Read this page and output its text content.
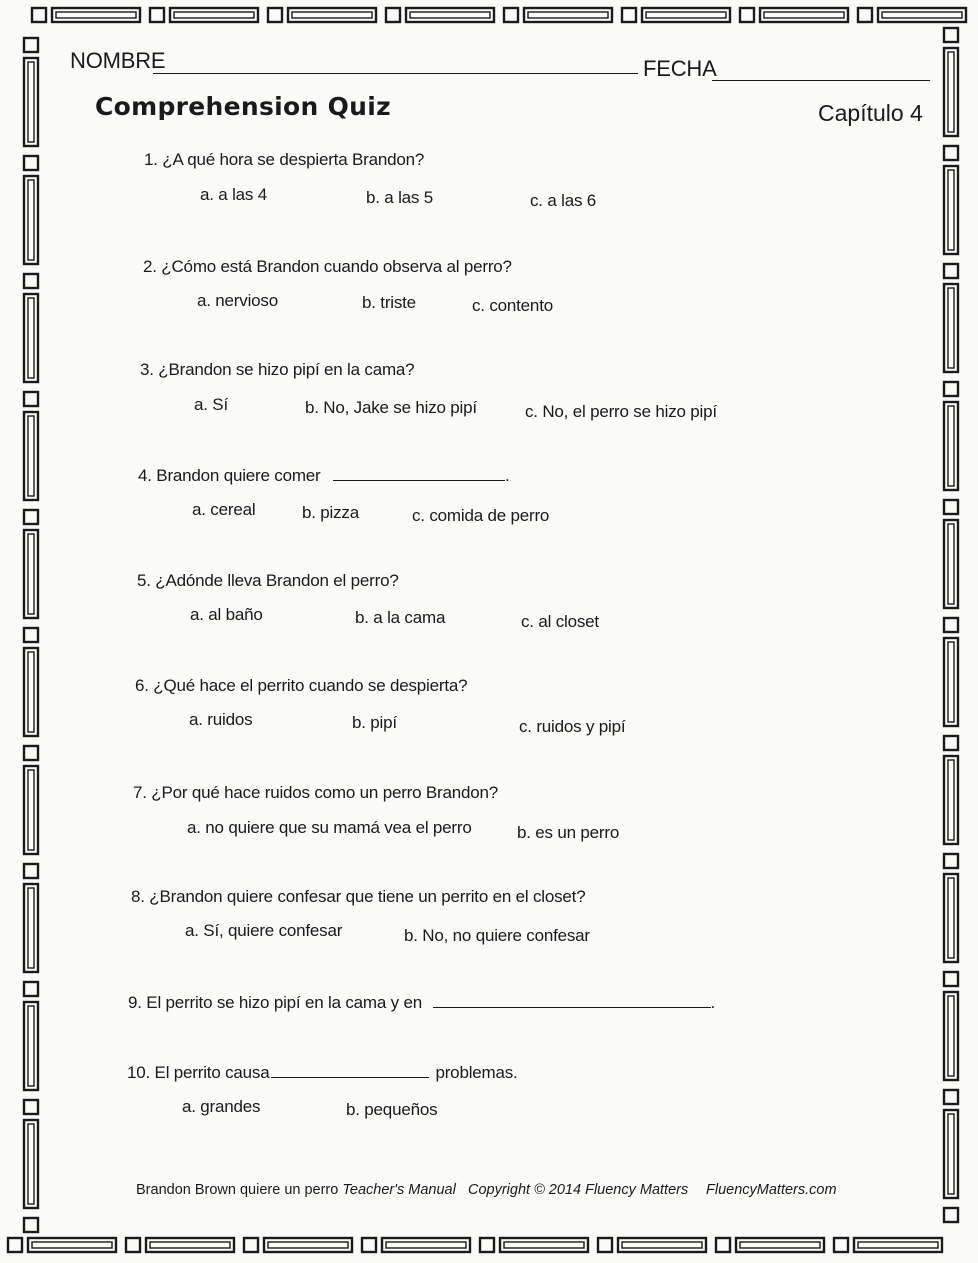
NOMBRE	FECHA
Comprehension Quiz	Capítulo 4
1. ¿A qué hora se despierta Brandon?
a. a las 4	b. a las 5	c. a las 6
2. ¿Cómo está Brandon cuando observa al perro?
a. nervioso	b. triste	c. contento
3. ¿Brandon se hizo pipí en la cama?
a. Sí	b. No, Jake se hizo pipí	c. No, el perro se hizo pipí
4. Brandon quiere comer	.
a. cereal	b. pizza	c. comida de perro
5. ¿Adónde lleva Brandon el perro?
a. al baño	b. a la cama	c. al closet
6. ¿Qué hace el perrito cuando se despierta?
a. ruidos	b. pipí	c. ruidos y pipí
7. ¿Por qué hace ruidos como un perro Brandon?
a. no quiere que su mamá vea el perro	b. es un perro
8. ¿Brandon quiere confesar que tiene un perrito en el closet?
a. Sí, quiere confesar	b. No, no quiere confesar
9. El perrito se hizo pipí en la cama y en	.
10. El perrito causa	problemas.
a. grandes	b. pequeños
Brandon Brown quiere un perro Teacher's Manual Copyright © 2014 Fluency Matters FluencyMatters.com
